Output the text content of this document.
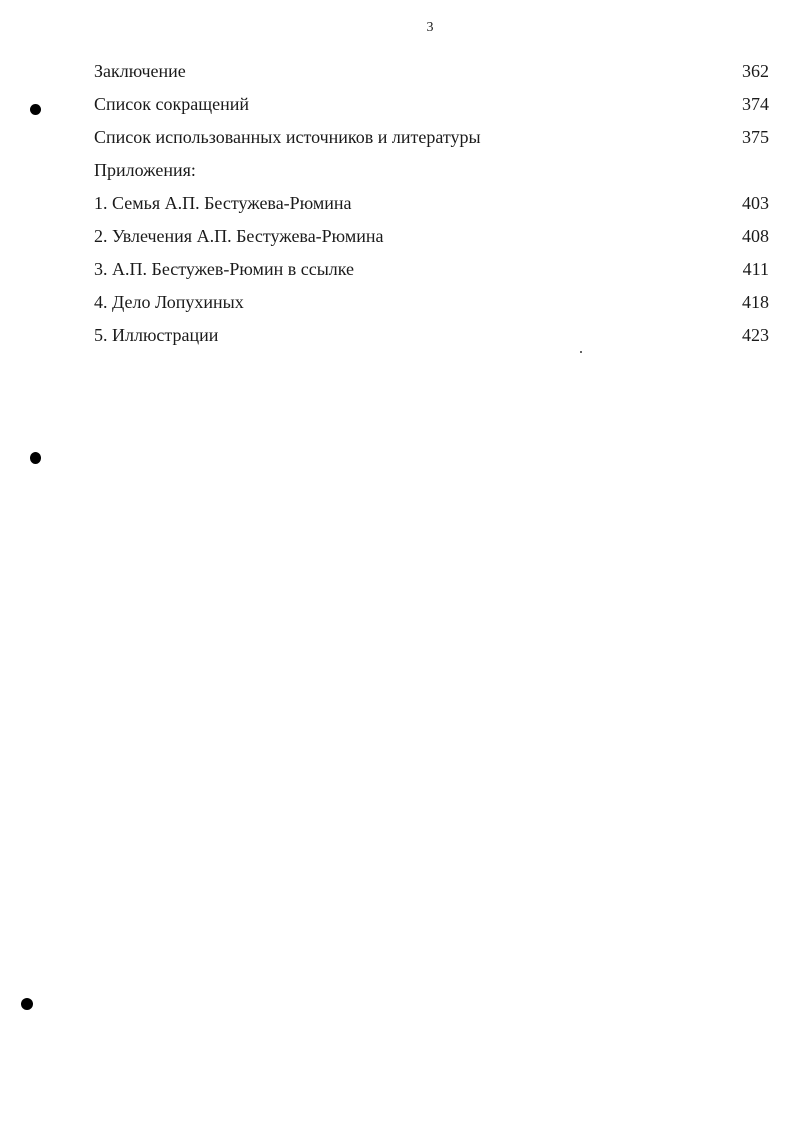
3
Заключение	362
Список сокращений	374
Список использованных источников и литературы	375
Приложения:
1. Семья А.П. Бестужева-Рюмина	403
2. Увлечения А.П. Бестужева-Рюмина	408
3. А.П. Бестужев-Рюмин в ссылке	411
4. Дело Лопухиных	418
5. Иллюстрации	423
